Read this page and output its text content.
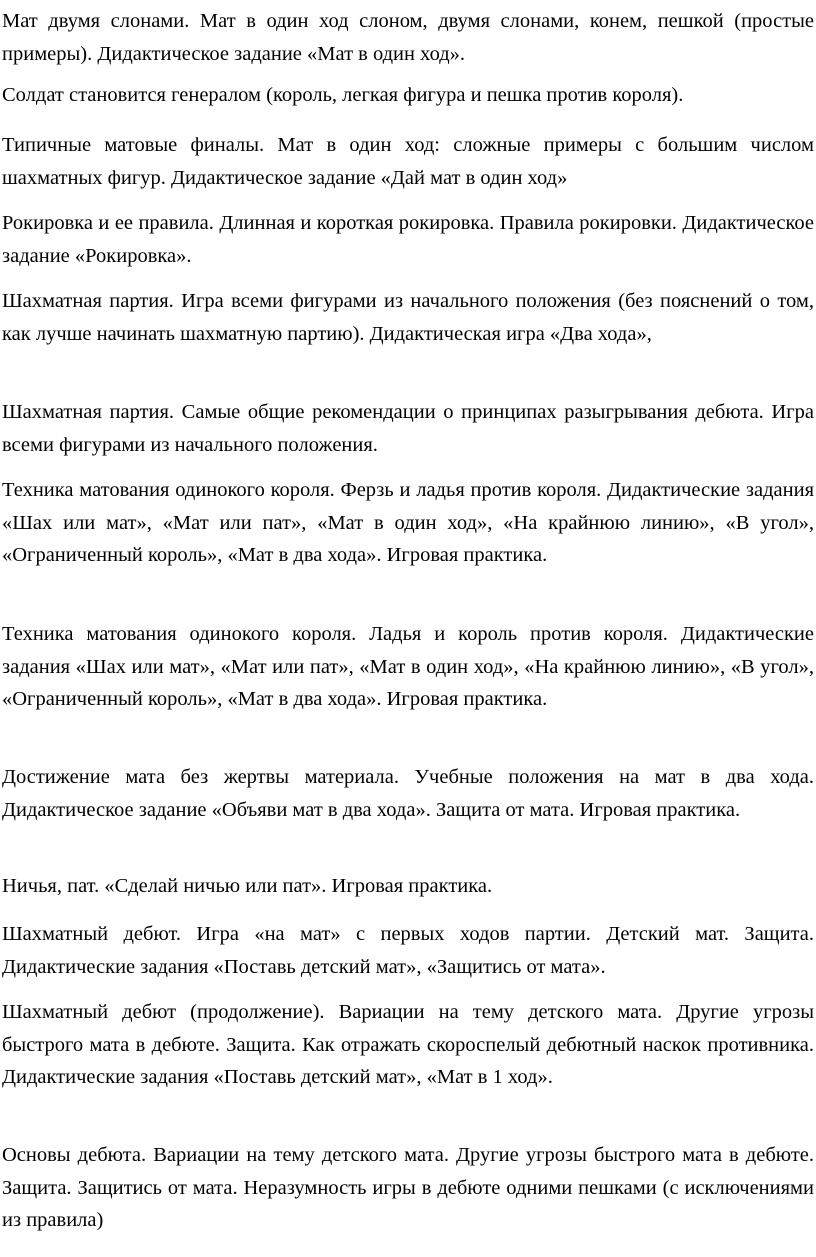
Мат двумя слонами. Мат в один ход слоном, двумя слонами, конем, пешкой (простые примеры). Дидактическое задание «Мат в один ход».

Солдат становится генералом (король, легкая фигура и пешка против короля).

Типичные матовые финалы. Мат в один ход: сложные примеры с большим числом шахматных фигур. Дидактическое задание «Дай мат в один ход»

Рокировка и ее правила. Длинная и короткая рокировка. Правила рокировки. Дидактическое задание «Рокировка».

Шахматная партия. Игра всеми фигурами из начального положения (без пояснений о том, как лучше начинать шахматную партию). Дидактическая игра «Два хода»,

Шахматная партия. Самые общие рекомендации о принципах разыгрывания дебюта. Игра всеми фигурами из начального положения.

Техника матования одинокого короля. Ферзь и ладья против короля. Дидактические задания «Шах или мат», «Мат или пат», «Мат в один ход», «На крайнюю линию», «В угол», «Ограниченный король», «Мат в два хода». Игровая практика.

Техника матования одинокого короля. Ладья и король против короля. Дидактические задания «Шах или мат», «Мат или пат», «Мат в один ход», «На крайнюю линию», «В угол», «Ограниченный король», «Мат в два хода». Игровая практика.

Достижение мата без жертвы материала. Учебные положения на мат в два хода. Дидактическое задание «Объяви мат в два хода». Защита от мата. Игровая практика.

Ничья, пат. «Сделай ничью или пат». Игровая практика.

Шахматный дебют. Игра «на мат» с первых ходов партии. Детский мат. Защита. Дидактические задания «Поставь детский мат», «Защитись от мата».

Шахматный дебют (продолжение). Вариации на тему детского мата. Другие угрозы быстрого мата в дебюте. Защита. Как отражать скороспелый дебютный наскок противника. Дидактические задания «Поставь детский мат», «Мат в 1 ход».

Основы дебюта. Вариации на тему детского мата. Другие угрозы быстрого мата в дебюте. Защита. Защитись от мата. Неразумность игры в дебюте одними пешками (с исключениями из правила)
